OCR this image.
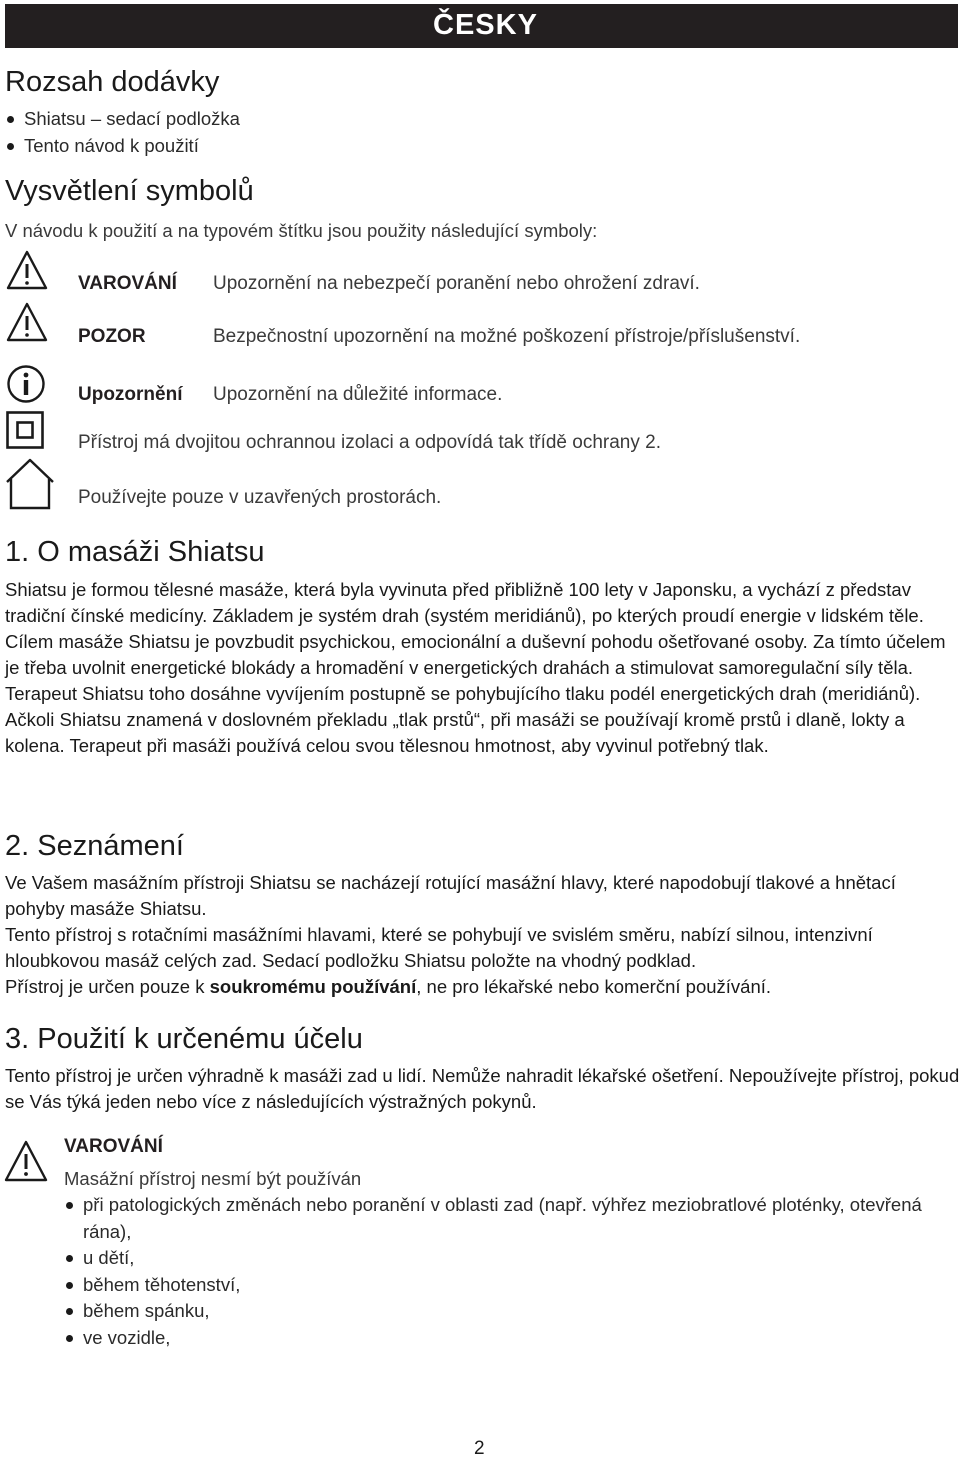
ČESKY
Rozsah dodávky
Shiatsu – sedací podložka
Tento návod k použití
Vysvětlení symbolů
V návodu k použití a na typovém štítku jsou použity následující symboly:
VAROVÁNÍ Upozornění na nebezpečí poranění nebo ohrožení zdraví.
POZOR	Bezpečnostní upozornění na možné poškození přístroje/příslušenství.
Upozornění Upozornění na důležité informace.
Přístroj má dvojitou ochrannou izolaci a odpovídá tak třídě ochrany 2.
Používejte pouze v uzavřených prostorách.
1. O masáži Shiatsu

Shiatsu je formou tělesné masáže, která byla vyvinuta před přibližně 100 lety v Japonsku, a vychází z představ tradiční čínské medicíny. Základem je systém drah (systém meridiánů), po kterých proudí energie v lidském těle.

Cílem masáže Shiatsu je povzbudit psychickou, emocionální a duševní pohodu ošetřované osoby. Za tímto účelem je třeba uvolnit energetické blokády a hromadění v energetických drahách a stimulovat samoregulační síly těla.

Terapeut Shiatsu toho dosáhne vyvíjením postupně se pohybujícího tlaku podél energetických drah (meridiánů). Ačkoli Shiatsu znamená v doslovném překladu „tlak prstů“, při masáži se používají kromě prstů i dlaně, lokty a kolena. Terapeut při masáži používá celou svou tělesnou hmotnost, aby vyvinul potřebný tlak.

2. Seznámení

Ve Vašem masážním přístroji Shiatsu se nacházejí rotující masážní hlavy, které napodobují tlakové a hnětací pohyby masáže Shiatsu.

Tento přístroj s rotačními masážními hlavami, které se pohybují ve svislém směru, nabízí silnou, intenzivní hloubkovou masáž celých zad. Sedací podložku Shiatsu položte na vhodný podklad.

Přístroj je určen pouze k soukromému používání, ne pro lékařské nebo komerční používání.

3. Použití k určenému účelu
Tento přístroj je určen výhradně k masáži zad u lidí. Nemůže nahradit lékařské ošetření. Nepoužívejte přístroj, pokud se Vás týká jeden nebo více z následujících výstražných pokynů.
VAROVÁNÍ
Masážní přístroj nesmí být používán
při patologických změnách nebo poranění v oblasti zad (např. výhřez meziobratlové ploténky, otevřená rána),
u dětí,
během těhotenství,
během spánku,
ve vozidle,
2
